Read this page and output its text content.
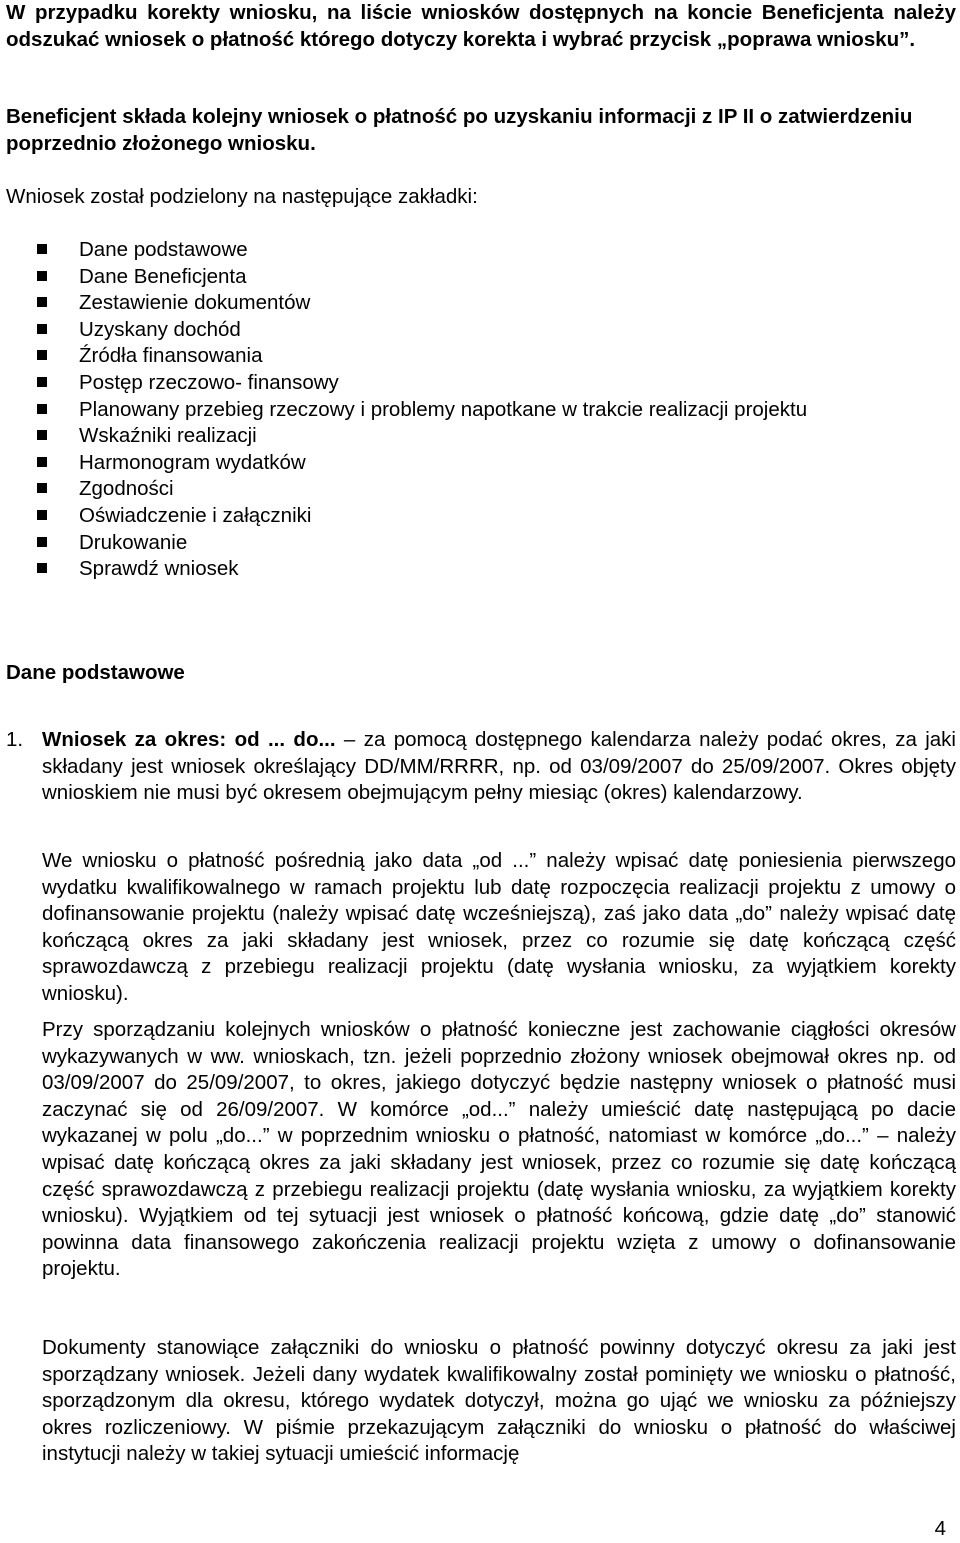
W przypadku korekty wniosku, na liście wniosków dostępnych na koncie Beneficjenta należy odszukać wniosek o płatność którego dotyczy korekta i wybrać przycisk „poprawa wniosku”.

Beneficjent składa kolejny wniosek o płatność po uzyskaniu informacji z IP II o zatwierdzeniu poprzednio złożonego wniosku.

Wniosek został podzielony na następujące zakładki:

Dane podstawowe
Dane Beneficjenta
Zestawienie dokumentów
Uzyskany dochód
Źródła finansowania
Postęp rzeczowo- finansowy
Planowany przebieg rzeczowy i problemy napotkane w trakcie realizacji projektu
Wskaźniki realizacji
Harmonogram wydatków
Zgodności
Oświadczenie i załączniki
Drukowanie
Sprawdź wniosek

Dane podstawowe

1. Wniosek za okres: od ... do... – za pomocą dostępnego kalendarza należy podać okres, za jaki składany jest wniosek określający DD/MM/RRRR, np. od 03/09/2007 do 25/09/2007. Okres objęty wnioskiem nie musi być okresem obejmującym pełny miesiąc (okres) kalendarzowy.

We wniosku o płatność pośrednią jako data „od ...” należy wpisać datę poniesienia pierwszego wydatku kwalifikowalnego w ramach projektu lub datę rozpoczęcia realizacji projektu z umowy o dofinansowanie projektu (należy wpisać datę wcześniejszą), zaś jako data „do” należy wpisać datę kończącą okres za jaki składany jest wniosek, przez co rozumie się datę kończącą część sprawozdawczą z przebiegu realizacji projektu (datę wysłania wniosku, za wyjątkiem korekty wniosku).

Przy sporządzaniu kolejnych wniosków o płatność konieczne jest zachowanie ciągłości okresów wykazywanych w ww. wnioskach, tzn. jeżeli poprzednio złożony wniosek obejmował okres np. od 03/09/2007 do 25/09/2007, to okres, jakiego dotyczyć będzie następny wniosek o płatność musi zaczynać się od 26/09/2007. W komórce „od...” należy umieścić datę następującą po dacie wykazanej w polu „do...” w poprzednim wniosku o płatność, natomiast w komórce „do...” – należy wpisać datę kończącą okres za jaki składany jest wniosek, przez co rozumie się datę kończącą część sprawozdawczą z przebiegu realizacji projektu (datę wysłania wniosku, za wyjątkiem korekty wniosku). Wyjątkiem od tej sytuacji jest wniosek o płatność końcową, gdzie datę „do” stanowić powinna data finansowego zakończenia realizacji projektu wzięta z umowy o dofinansowanie projektu.

Dokumenty stanowiące załączniki do wniosku o płatność powinny dotyczyć okresu za jaki jest sporządzany wniosek. Jeżeli dany wydatek kwalifikowalny został pominięty we wniosku o płatność, sporządzonym dla okresu, którego wydatek dotyczył, można go ująć we wniosku za późniejszy okres rozliczeniowy. W piśmie przekazującym załączniki do wniosku o płatność do właściwej instytucji należy w takiej sytuacji umieścić informację

4
